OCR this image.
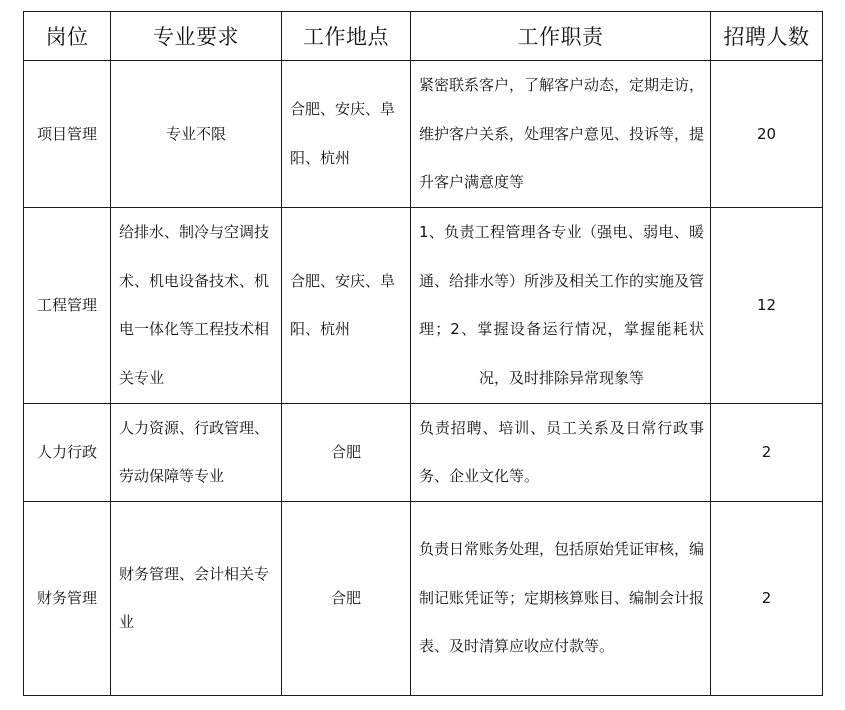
岗位	专业要求	工作地点	工作职责	招聘人数
项目管理	专业不限	合肥、安庆、阜阳、杭州	紧密联系客户，了解客户动态，定期走访，维护客户关系，处理客户意见、投诉等，提升客户满意度等	20
工程管理	给排水、制冷与空调技术、机电设备技术、机电一体化等工程技术相关专业	合肥、安庆、阜阳、杭州	1、负责工程管理各专业（强电、弱电、暖通、给排水等）所涉及相关工作的实施及管理；2、掌握设备运行情况，掌握能耗状况，及时排除异常现象等	12
人力行政	人力资源、行政管理、劳动保障等专业	合肥	负责招聘、培训、员工关系及日常行政事务、企业文化等。	2
财务管理	财务管理、会计相关专业	合肥	负责日常账务处理，包括原始凭证审核，编制记账凭证等；定期核算账目、编制会计报表、及时清算应收应付款等。	2
